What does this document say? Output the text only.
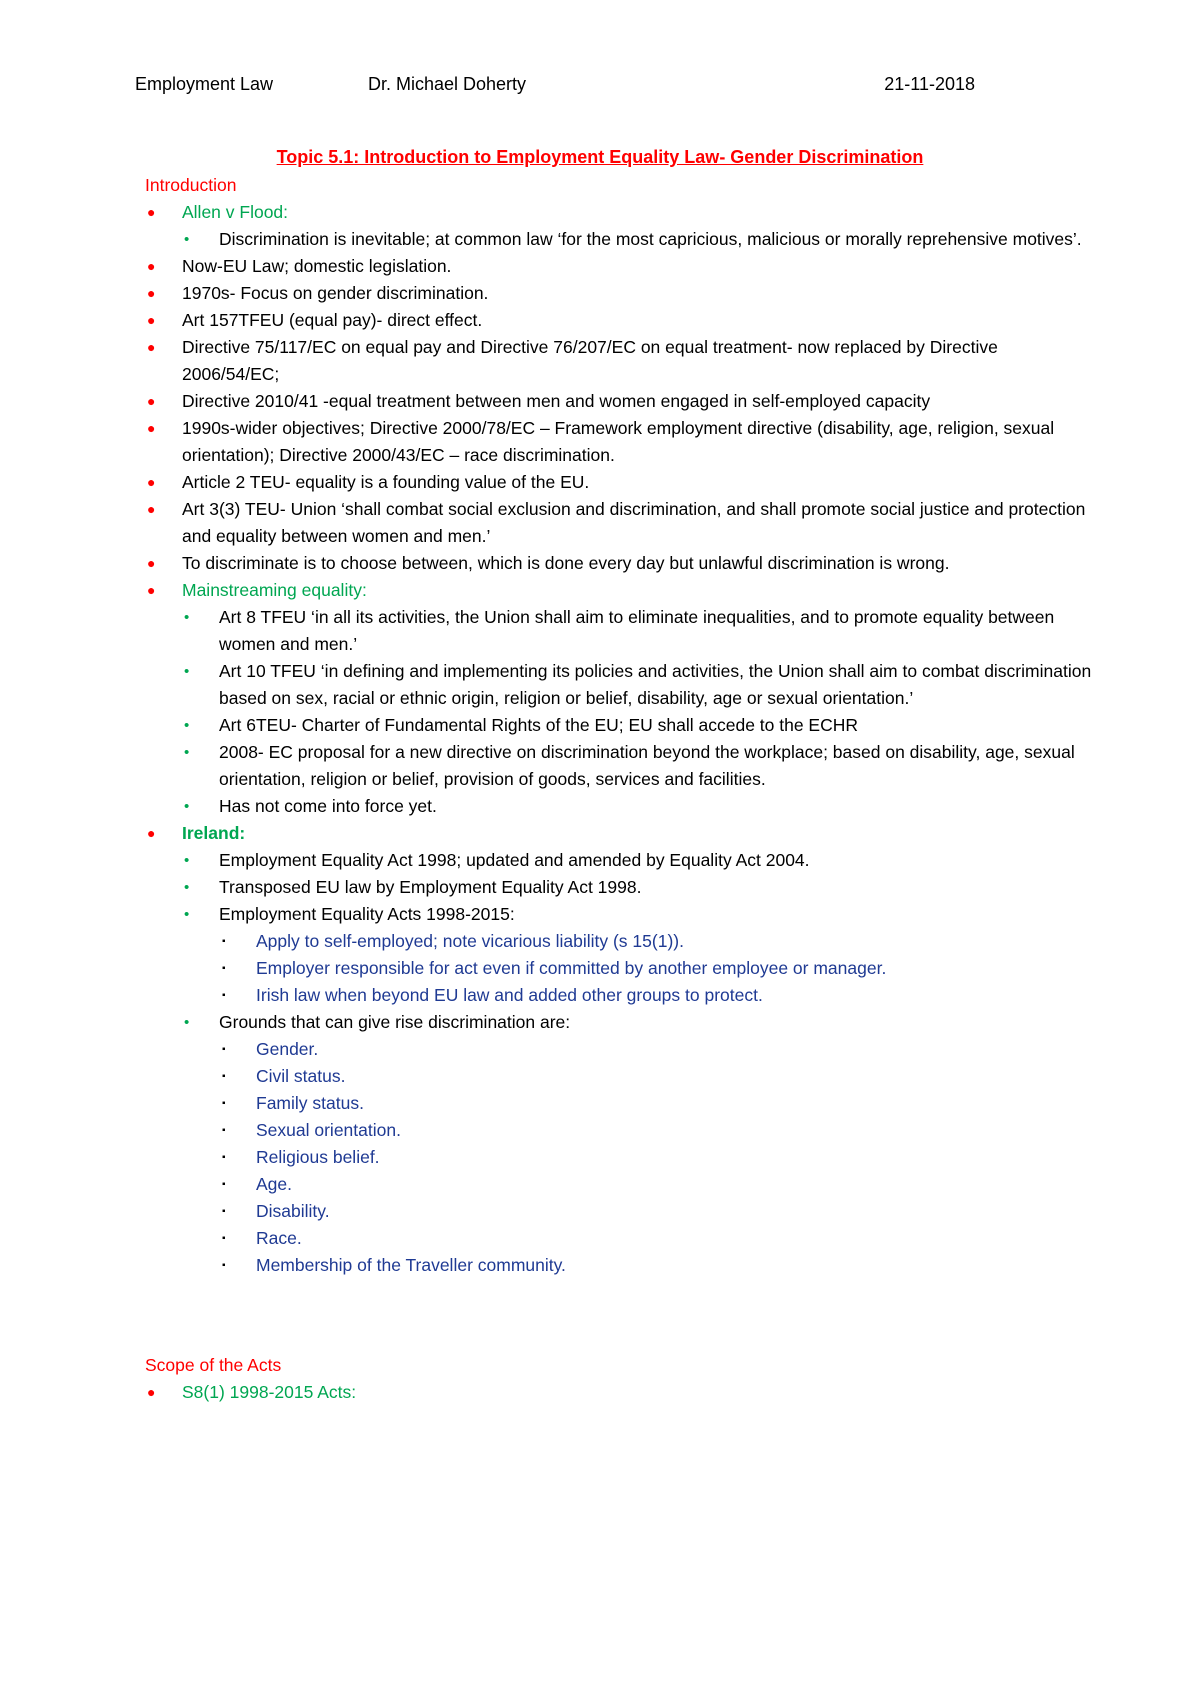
Employment Law	Dr. Michael Doherty	21-11-2018
Topic 5.1: Introduction to Employment Equality Law- Gender Discrimination
Introduction
● Allen v Flood:
• Discrimination is inevitable; at common law ‘for the most capricious, malicious or morally reprehensive motives’.
● Now-EU Law; domestic legislation.
● 1970s- Focus on gender discrimination.
● Art 157TFEU (equal pay)- direct effect.
● Directive 75/117/EC on equal pay and Directive 76/207/EC on equal treatment- now replaced by Directive 2006/54/EC;
● Directive 2010/41 -equal treatment between men and women engaged in self-employed capacity
● 1990s-wider objectives; Directive 2000/78/EC – Framework employment directive (disability, age, religion, sexual orientation); Directive 2000/43/EC – race discrimination.
● Article 2 TEU- equality is a founding value of the EU.
● Art 3(3) TEU- Union ‘shall combat social exclusion and discrimination, and shall promote social justice and protection and equality between women and men.’
● To discriminate is to choose between, which is done every day but unlawful discrimination is wrong.
● Mainstreaming equality:
• Art 8 TFEU ‘in all its activities, the Union shall aim to eliminate inequalities, and to promote equality between women and men.’
• Art 10 TFEU ‘in defining and implementing its policies and activities, the Union shall aim to combat discrimination based on sex, racial or ethnic origin, religion or belief, disability, age or sexual orientation.’
• Art 6TEU- Charter of Fundamental Rights of the EU; EU shall accede to the ECHR
• 2008- EC proposal for a new directive on discrimination beyond the workplace; based on disability, age, sexual orientation, religion or belief, provision of goods, services and facilities.
• Has not come into force yet.
● Ireland:
• Employment Equality Act 1998; updated and amended by Equality Act 2004.
• Transposed EU law by Employment Equality Act 1998.
• Employment Equality Acts 1998-2015:
▪ Apply to self-employed; note vicarious liability (s 15(1)).
▪ Employer responsible for act even if committed by another employee or manager.
▪ Irish law when beyond EU law and added other groups to protect.
• Grounds that can give rise discrimination are:
▪ Gender.
▪ Civil status.
▪ Family status.
▪ Sexual orientation.
▪ Religious belief.
▪ Age.
▪ Disability.
▪ Race.
▪ Membership of the Traveller community.
Scope of the Acts
● S8(1) 1998-2015 Acts:
